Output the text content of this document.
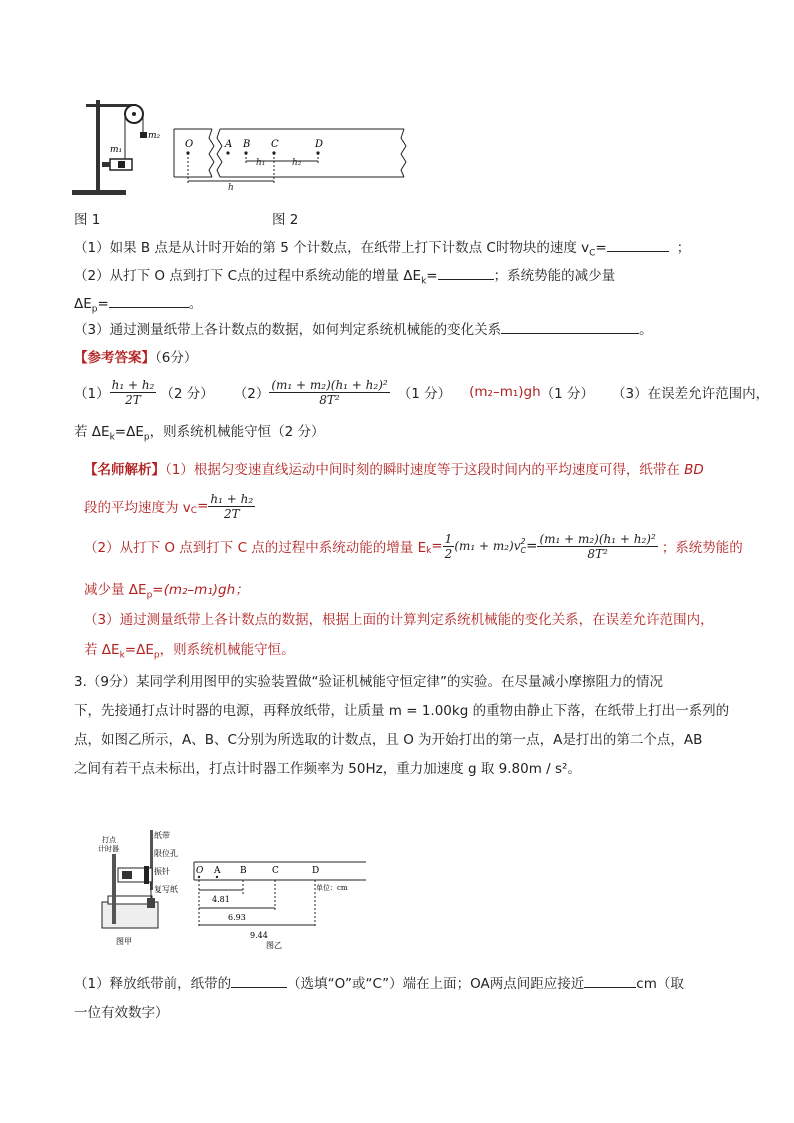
m₂
m₁	O	A B C	D
h₁	h₂
h
图 1	图 2
（1）如果 B 点是从计时开始的第 5 个计数点，在纸带上打下计数点 C时物块的速度 $v_C=$	；
（2）从打下 O 点到打下 C点的过程中系统动能的增量 $\Delta E_k=$	；系统势能的减少量
$\Delta E_p=$	。
（3）通过测量纸带上各计数点的数据，如何判定系统机械能的变化关系	。
【参考答案】（6分）
$(1) \frac{\text{h₁ + h₂}}{2T} (2$ 分） $(2) \frac{\text{(m₁ + m₂)(h₁ + h₂)²}}{\text{8T²}} (1$ 分） (m₂–m₁)gh （1 分） （3）在误差允许范围内，
若 $\Delta E_k=\Delta E_p$，则系统机械能守恒（2 分）
【名师解析】（1）根据匀变速直线运动中间时刻的瞬时速度等于这段时间内的平均速度可得，纸带在 BD
段的平均速度为 $v_C = \frac{\text{h₁ + h₂}}{2T}$
（2）从打下 O 点到打下 C 点的过程中系统动能的增量 $E_k = \frac{1}{2} (m_1 + m_2)v$ 2
$C = \frac{\text{(m₁ + m₂)(h₁ + h₂)²}}{\text{8T²}}$ ；系统势能的
减少量 $\Delta E_p=(m_2-m_1)gh$；
（3）通过测量纸带上各计数点的数据，根据上面的计算判定系统机械能的变化关系，在误差允许范围内，
若 $\Delta E_k=\Delta E_p$，则系统机械能守恒。
3.（9分）某同学利用图甲的实验装置做“验证机械能守恒定律”的实验。在尽量减小摩擦阻力的情况
下，先接通打点计时器的电源，再释放纸带，让质量 m = 1.00kg 的重物由静止下落，在纸带上打出一系列的
点，如图乙所示，A、B、C分别为所选取的计数点，且 O 为开始打出的第一点，A是打出的第二个点，AB
之间有若干点未标出，打点计时器工作频率为 50Hz，重力加速度 g 取 9.80m / s²。
纸带
打点
计时器	限位孔
振针
复写纸
图甲
O A B	C	D
4.81
6.93
9.44
单位：cm
图乙
（1）释放纸带前，纸带的	（选填“O”或“C”）端在上面；OA两点间距应接近	cm（取
一位有效数字）
